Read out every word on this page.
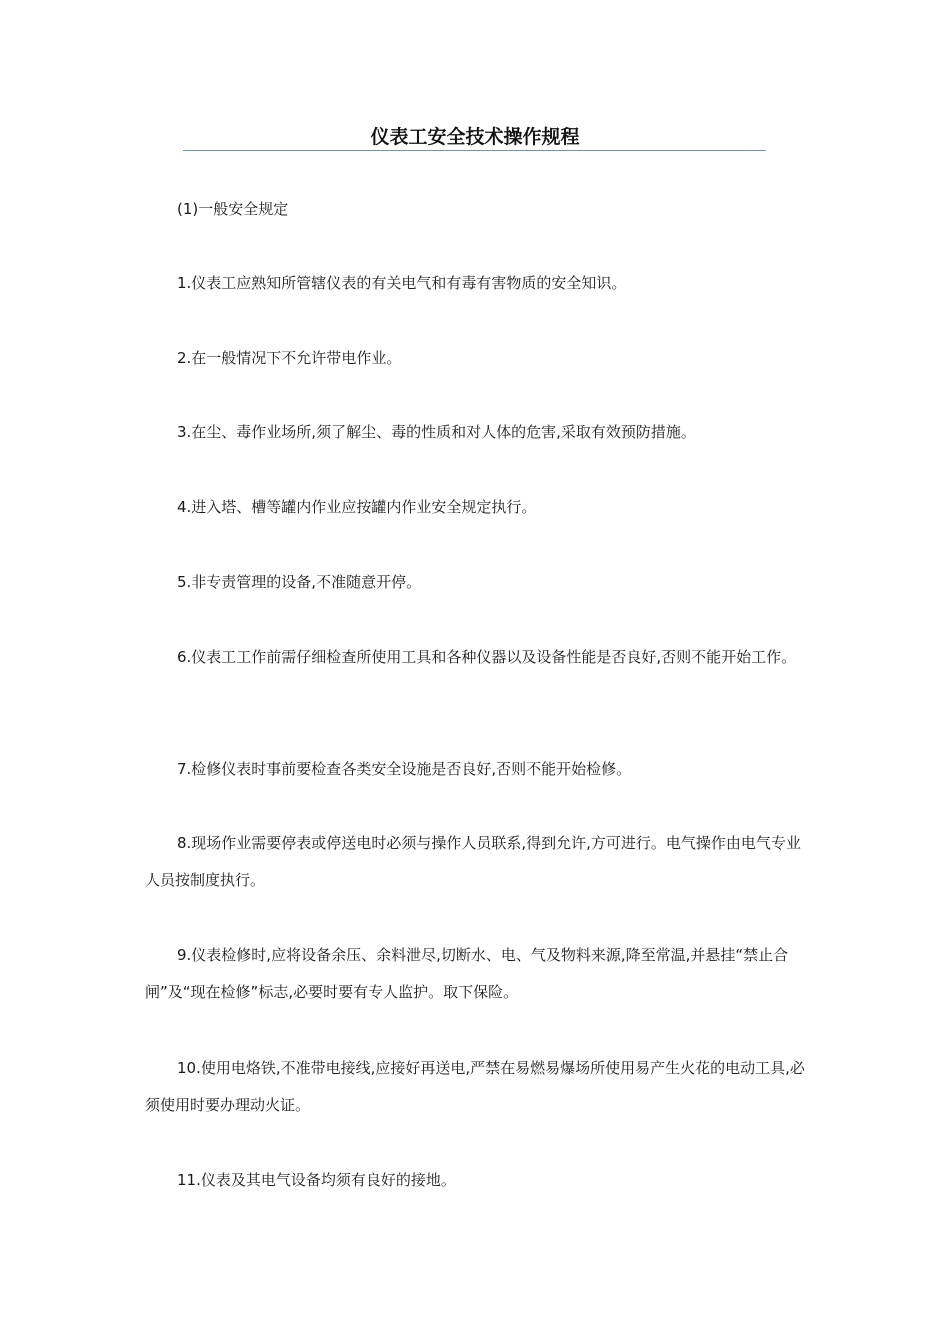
仪表工安全技术操作规程
(1)一般安全规定
1.仪表工应熟知所管辖仪表的有关电气和有毒有害物质的安全知识。
2.在一般情况下不允许带电作业。
3.在尘、毒作业场所,须了解尘、毒的性质和对人体的危害,采取有效预防措施。
4.进入塔、槽等罐内作业应按罐内作业安全规定执行。
5.非专责管理的设备,不准随意开停。
6.仪表工工作前需仔细检查所使用工具和各种仪器以及设备性能是否良好,否则不能开始工作。
7.检修仪表时事前要检查各类安全设施是否良好,否则不能开始检修。
8.现场作业需要停表或停送电时必须与操作人员联系,得到允许,方可进行。电气操作由电气专业人员按制度执行。
9.仪表检修时,应将设备余压、余料泄尽,切断水、电、气及物料来源,降至常温,并悬挂“禁止合闸”及“现在检修”标志,必要时要有专人监护。取下保险。
10.使用电烙铁,不准带电接线,应接好再送电,严禁在易燃易爆场所使用易产生火花的电动工具,必须使用时要办理动火证。
11.仪表及其电气设备均须有良好的接地。
